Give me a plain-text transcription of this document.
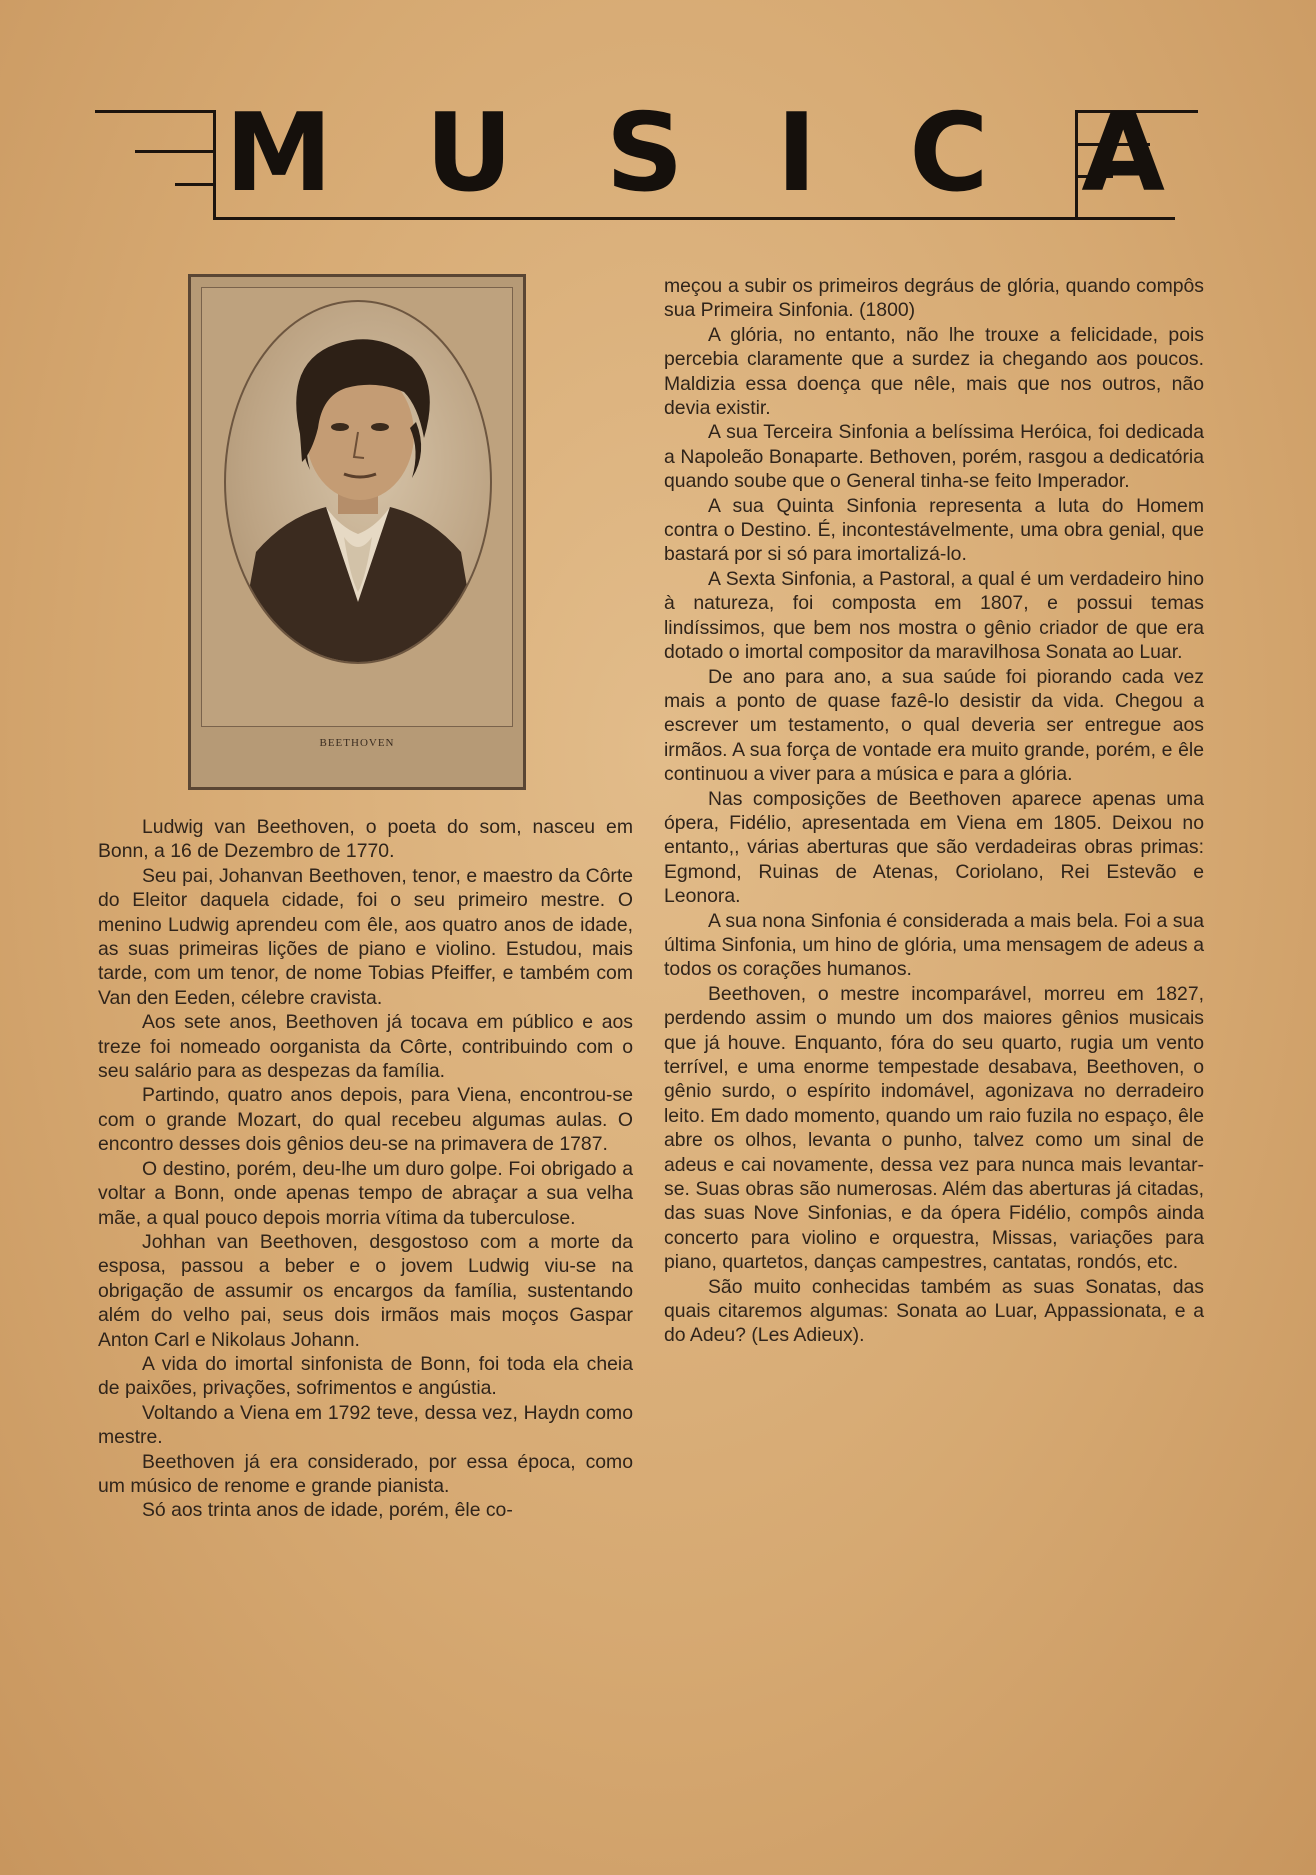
M U S I C A
BEETHOVEN

Ludwig van Beethoven, o poeta do som, nasceu em Bonn, a 16 de Dezembro de 1770.

Seu pai, Johanvan Beethoven, tenor, e maestro da Côrte do Eleitor daquela cidade, foi o seu primeiro mestre. O menino Ludwig aprendeu com êle, aos quatro anos de idade, as suas primeiras lições de piano e violino. Estudou, mais tarde, com um tenor, de nome Tobias Pfeiffer, e também com Van den Eeden, célebre cravista.

Aos sete anos, Beethoven já tocava em público e aos treze foi nomeado oorganista da Côrte, contribuindo com o seu salário para as despezas da família.

Partindo, quatro anos depois, para Viena, encontrou-se com o grande Mozart, do qual recebeu algumas aulas. O encontro desses dois gênios deu-se na primavera de 1787.

O destino, porém, deu-lhe um duro golpe. Foi obrigado a voltar a Bonn, onde apenas tempo de abraçar a sua velha mãe, a qual pouco depois morria vítima da tuberculose.

Johhan van Beethoven, desgostoso com a morte da esposa, passou a beber e o jovem Ludwig viu-se na obrigação de assumir os encargos da família, sustentando além do velho pai, seus dois irmãos mais moços Gaspar Anton Carl e Nikolaus Johann.

A vida do imortal sinfonista de Bonn, foi toda ela cheia de paixões, privações, sofrimentos e angústia.

Voltando a Viena em 1792 teve, dessa vez, Haydn como mestre.

Beethoven já era considerado, por essa época, como um músico de renome e grande pianista.

Só aos trinta anos de idade, porém, êle co-

meçou a subir os primeiros degráus de glória, quando compôs sua Primeira Sinfonia. (1800)

A glória, no entanto, não lhe trouxe a felicidade, pois percebia claramente que a surdez ia chegando aos poucos. Maldizia essa doença que nêle, mais que nos outros, não devia existir.

A sua Terceira Sinfonia a belíssima Heróica, foi dedicada a Napoleão Bonaparte. Bethoven, porém, rasgou a dedicatória quando soube que o General tinha-se feito Imperador.

A sua Quinta Sinfonia representa a luta do Homem contra o Destino. É, incontestávelmente, uma obra genial, que bastará por si só para imortalizá-lo.

A Sexta Sinfonia, a Pastoral, a qual é um verdadeiro hino à natureza, foi composta em 1807, e possui temas lindíssimos, que bem nos mostra o gênio criador de que era dotado o imortal compositor da maravilhosa Sonata ao Luar.

De ano para ano, a sua saúde foi piorando cada vez mais a ponto de quase fazê-lo desistir da vida. Chegou a escrever um testamento, o qual deveria ser entregue aos irmãos. A sua força de vontade era muito grande, porém, e êle continuou a viver para a música e para a glória.

Nas composições de Beethoven aparece apenas uma ópera, Fidélio, apresentada em Viena em 1805. Deixou no entanto,, várias aberturas que são verdadeiras obras primas: Egmond, Ruinas de Atenas, Coriolano, Rei Estevão e Leonora.

A sua nona Sinfonia é considerada a mais bela. Foi a sua última Sinfonia, um hino de glória, uma mensagem de adeus a todos os corações humanos.

Beethoven, o mestre incomparável, morreu em 1827, perdendo assim o mundo um dos maiores gênios musicais que já houve. Enquanto, fóra do seu quarto, rugia um vento terrível, e uma enorme tempestade desabava, Beethoven, o gênio surdo, o espírito indomável, agonizava no derradeiro leito. Em dado momento, quando um raio fuzila no espaço, êle abre os olhos, levanta o punho, talvez como um sinal de adeus e cai novamente, dessa vez para nunca mais levantar-se. Suas obras são numerosas. Além das aberturas já citadas, das suas Nove Sinfonias, e da ópera Fidélio, compôs ainda concerto para violino e orquestra, Missas, variações para piano, quartetos, danças campestres, cantatas, rondós, etc.

São muito conhecidas também as suas Sonatas, das quais citaremos algumas: Sonata ao Luar, Appassionata, e a do Adeu? (Les Adieux).
